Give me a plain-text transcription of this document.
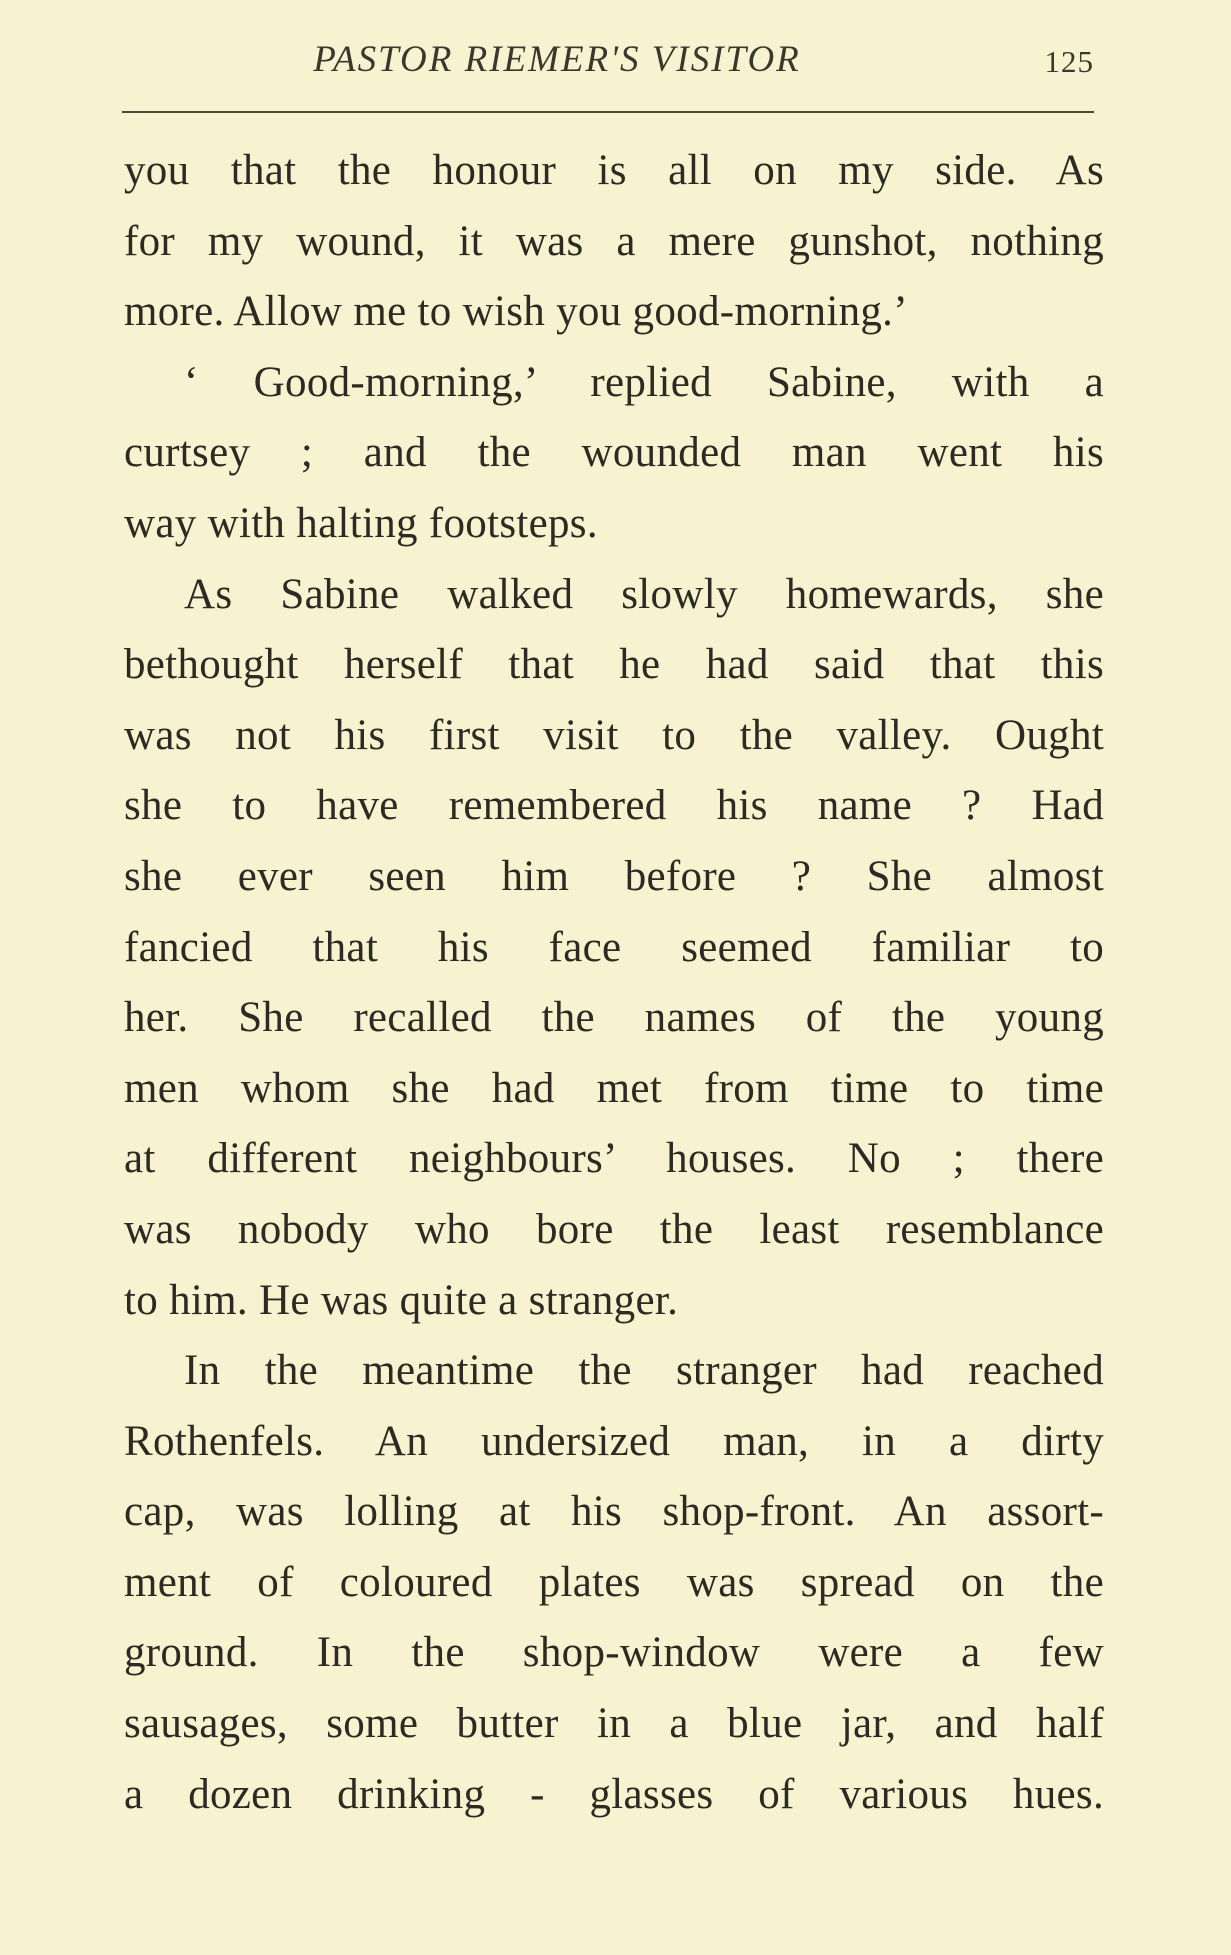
PASTOR RIEMER'S VISITOR	125
you that the honour is all on my side. As
for my wound, it was a mere gunshot, nothing
more. Allow me to wish you good-morning.’
‘ Good-morning,’ replied Sabine, with a
curtsey ; and the wounded man went his
way with halting footsteps.
As Sabine walked slowly homewards, she
bethought herself that he had said that this
was not his first visit to the valley. Ought
she to have remembered his name ? Had
she ever seen him before ? She almost
fancied that his face seemed familiar to
her. She recalled the names of the young
men whom she had met from time to time
at different neighbours’ houses. No ; there
was nobody who bore the least resemblance
to him. He was quite a stranger.
In the meantime the stranger had reached
Rothenfels. An undersized man, in a dirty
cap, was lolling at his shop-front. An assort-
ment of coloured plates was spread on the
ground. In the shop-window were a few
sausages, some butter in a blue jar, and half
a dozen drinking - glasses of various hues.
